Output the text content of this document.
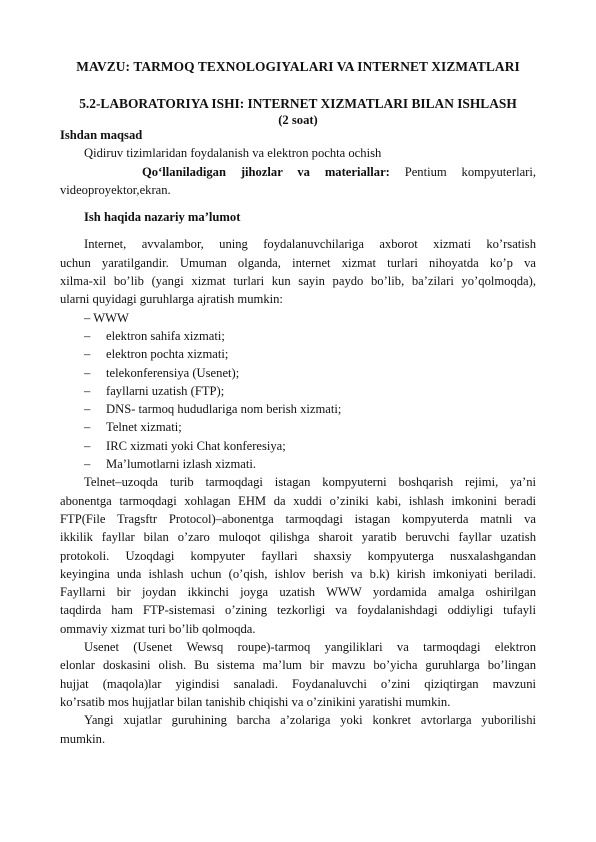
MAVZU: TARMOQ TEXNOLOGIYALARI VA INTERNET XIZMATLARI
5.2-LABORATORIYA ISHI: INTERNET XIZMATLARI BILAN ISHLASH
(2 soat)

Ishdan maqsad

Qidiruv tizimlaridan foydalanish va elektron pochta ochish

Qo‘llaniladigan jihozlar va materiallar: Pentium kompyuterlari,

videoproyektor,ekran.

Ish haqida nazariy ma’lumot

Internet, avvalambor, uning foydalanuvchilariga axborot xizmati ko’rsatish

uchun yaratilgandir. Umuman olganda, internet xizmat turlari nihoyatda ko’p va

xilma-xil bo’lib (yangi xizmat turlari kun sayin paydo bo’lib, ba’zilari yo’qolmoqda),

ularni quyidagi guruhlarga ajratish mumkin:

– WWW

– elektron sahifa xizmati;

– elektron pochta xizmati;

– telekonferensiya (Usenet);

– fayllarni uzatish (FTP);

– DNS- tarmoq hududlariga nom berish xizmati;

– Telnet xizmati;

– IRC xizmati yoki Chat konferesiya;

– Ma’lumotlarni izlash xizmati.

Telnet–uzoqda turib tarmoqdagi istagan kompyuterni boshqarish rejimi, ya’ni

abonentga tarmoqdagi xohlagan EHM da xuddi o’ziniki kabi, ishlash imkonini beradi

FTP(File Tragsftr Protocol)–abonentga tarmoqdagi istagan kompyuterda matnli va

ikkilik fayllar bilan o’zaro muloqot qilishga sharoit yaratib beruvchi fayllar uzatish

protokoli. Uzoqdagi kompyuter fayllari shaxsiy kompyuterga nusxalashgandan

keyingina unda ishlash uchun (o’qish, ishlov berish va b.k) kirish imkoniyati beriladi.

Fayllarni bir joydan ikkinchi joyga uzatish WWW yordamida amalga oshirilgan

taqdirda ham FTP-sistemasi o’zining tezkorligi va foydalanishdagi oddiyligi tufayli

ommaviy xizmat turi bo’lib qolmoqda.

Usenet (Usenet Wewsq roupe)-tarmoq yangiliklari va tarmoqdagi elektron

elonlar doskasini olish. Bu sistema ma’lum bir mavzu bo’yicha guruhlarga bo’lingan

hujjat (maqola)lar yigindisi sanaladi. Foydanaluvchi o’zini qiziqtirgan mavzuni

ko’rsatib mos hujjatlar bilan tanishib chiqishi va o’zinikini yaratishi mumkin.

Yangi xujatlar guruhining barcha a’zolariga yoki konkret avtorlarga yuborilishi

mumkin.
